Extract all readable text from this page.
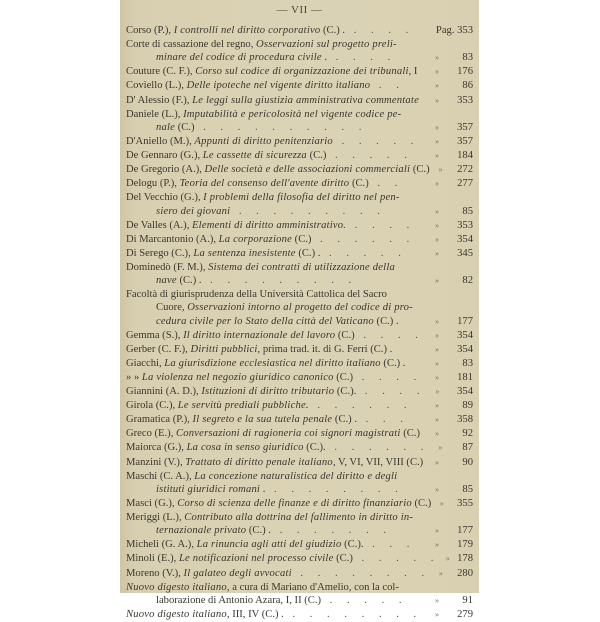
— VII —
Corso (P.), I controlli nel diritto corporativo (C.) . . . . .	Pag. 353
Corte di cassazione del regno, Osservazioni sul progetto preli-
minare del codice di procedura civile . . . . .	»	83
Couture (C. F.), Corso sul codice di organizzazione dei tribunali, I	»	176
Coviello (L.), Delle ipoteche nel vigente diritto italiano . .	»	86
D' Alessio (F.), Le leggi sulla giustizia amministrativa commentate	»	353
Daniele (L.), Imputabilità e pericolosità nel vigente codice pe-
nale (C.) . . . . . . . . . .	»	357
D'Aniello (M.), Appunti di diritto penitenziario . . . . .	»	357
De Gennaro (G.), Le cassette di sicurezza (C.) . . . . .	»	184
De Gregorio (A.), Delle società e delle associazioni commerciali (C.)	»	272
Delogu (P.), Teoria del consenso dell'avente diritto (C.) . .	»	277
Del Vecchio (G.), I problemi della filosofia del diritto nel pen-
siero dei giovani . . . . . . . . .	»	85
De Valles (A.), Elementi di diritto amministrativo. . . . .	»	353
Di Marcantonio (A.), La corporazione (C.) . . . . . .	»	354
Di Serego (C.), La sentenza inesistente (C.) . . . . . .	»	345
Dominedò (F. M.), Sistema dei contratti di utilizzazione della
nave (C.) . . . . . . . . . .	»	82
Facoltà di giurisprudenza della Università Cattolica del Sacro
Cuore, Osservazioni intorno al progetto del codice di pro-
cedura civile per lo Stato della città del Vaticano (C.) .	»	177
Gemma (S.), Il diritto internazionale del lavoro (C.) . . . .	»	354
Gerber (C. F.), Diritti pubblici, prima trad. it. di G. Ferri (C.) .	»	354
Giacchi, La giurisdizione ecclesiastica nel diritto italiano (C.) .	»	83
» » La violenza nel negozio giuridico canonico (C.) . . . .	»	181
Giannini (A. D.), Istituzioni di diritto tributario (C.). . . . .	»	354
Girola (C.), Le servitù prediali pubbliche. . . . . . .	»	89
Gramatica (P.), Il segreto e la sua tutela penale (C.) . . . .	»	358
Greco (E.), Conversazioni di ragioneria coi signori magistrati (C.)	»	92
Maiorca (G.), La cosa in senso giuridico (C.). . . . . . .	»	87
Manzini (V.), Trattato di diritto penale italiano, V, VI, VII, VIII (C.)	»	90
Maschi (C. A.), La concezione naturalistica del diritto e degli
istituti giuridici romani . . . . . . . . .	»	85
Masci (G.), Corso di scienza delle finanze e di diritto finanziario (C.)	»	355
Meriggi (L.), Contributo alla dottrina del fallimento in diritto in-
ternazionale privato (C.) . . . . . . . .	»	177
Micheli (G. A.), La rinuncia agli atti del giudizio (C.). . . .	»	179
Minoli (E.), Le notificazioni nel processo civile (C.) . . . . . » 178
Moreno (V.), Il galateo degli avvocati . . . . . . . .	»	280
Nuovo digesto italiano, a cura di Mariano d'Amelio, con la col-
laborazione di Antonio Azara, I, II (C.) . . . . .	»	91
Nuovo digesto italiano, III, IV (C.) . . . . . . . . .	»	279
